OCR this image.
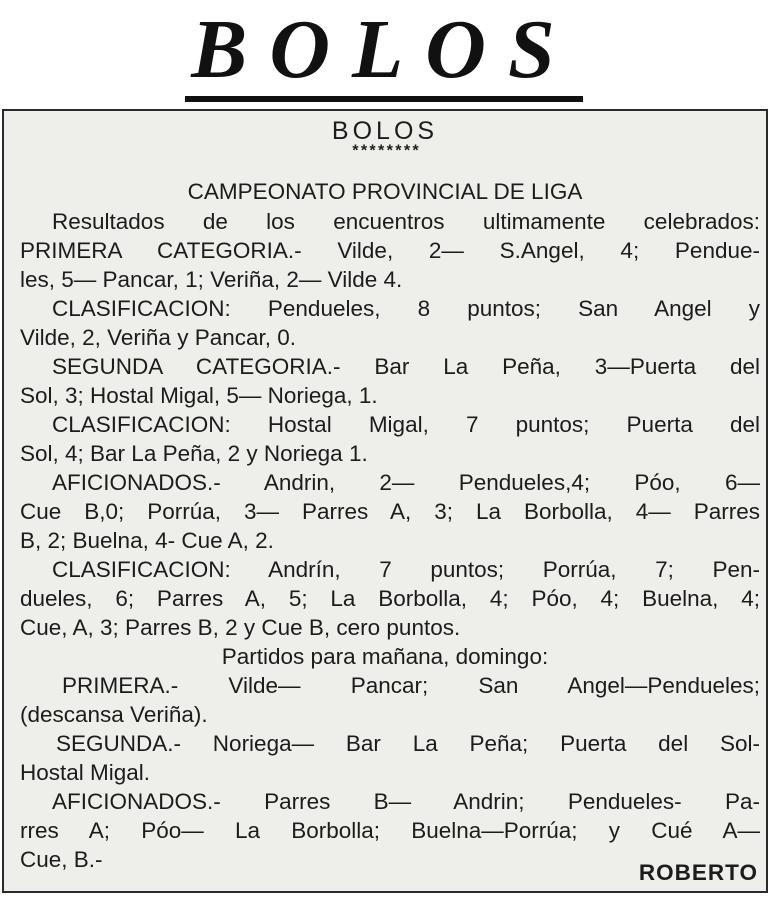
BOLOS
BOLOS
********
CAMPEONATO PROVINCIAL DE LIGA
Resultados de los encuentros ultimamente celebrados:
PRIMERA CATEGORIA.- Vilde, 2— S.Angel, 4; Pendue-
les, 5— Pancar, 1; Veriña, 2— Vilde 4.
CLASIFICACION: Pendueles, 8 puntos; San Angel y
Vilde, 2, Veriña y Pancar, 0.
SEGUNDA CATEGORIA.- Bar La Peña, 3—Puerta del
Sol, 3; Hostal Migal, 5— Noriega, 1.
CLASIFICACION: Hostal Migal, 7 puntos; Puerta del
Sol, 4; Bar La Peña, 2 y Noriega 1.
AFICIONADOS.- Andrin, 2— Pendueles,4; Póo, 6—
Cue B,0; Porrúa, 3— Parres A, 3; La Borbolla, 4— Parres
B, 2; Buelna, 4- Cue A, 2.
CLASIFICACION: Andrín, 7 puntos; Porrúa, 7; Pen-
dueles, 6; Parres A, 5; La Borbolla, 4; Póo, 4; Buelna, 4;
Cue, A, 3; Parres B, 2 y Cue B, cero puntos.
Partidos para mañana, domingo:
PRIMERA.- Vilde— Pancar; San Angel—Pendueles;
(descansa Veriña).
SEGUNDA.- Noriega— Bar La Peña; Puerta del Sol-
Hostal Migal.
AFICIONADOS.- Parres B— Andrin; Pendueles- Pa-
rres A; Póo— La Borbolla; Buelna—Porrúa; y Cué A—
Cue, B.-
ROBERTO
